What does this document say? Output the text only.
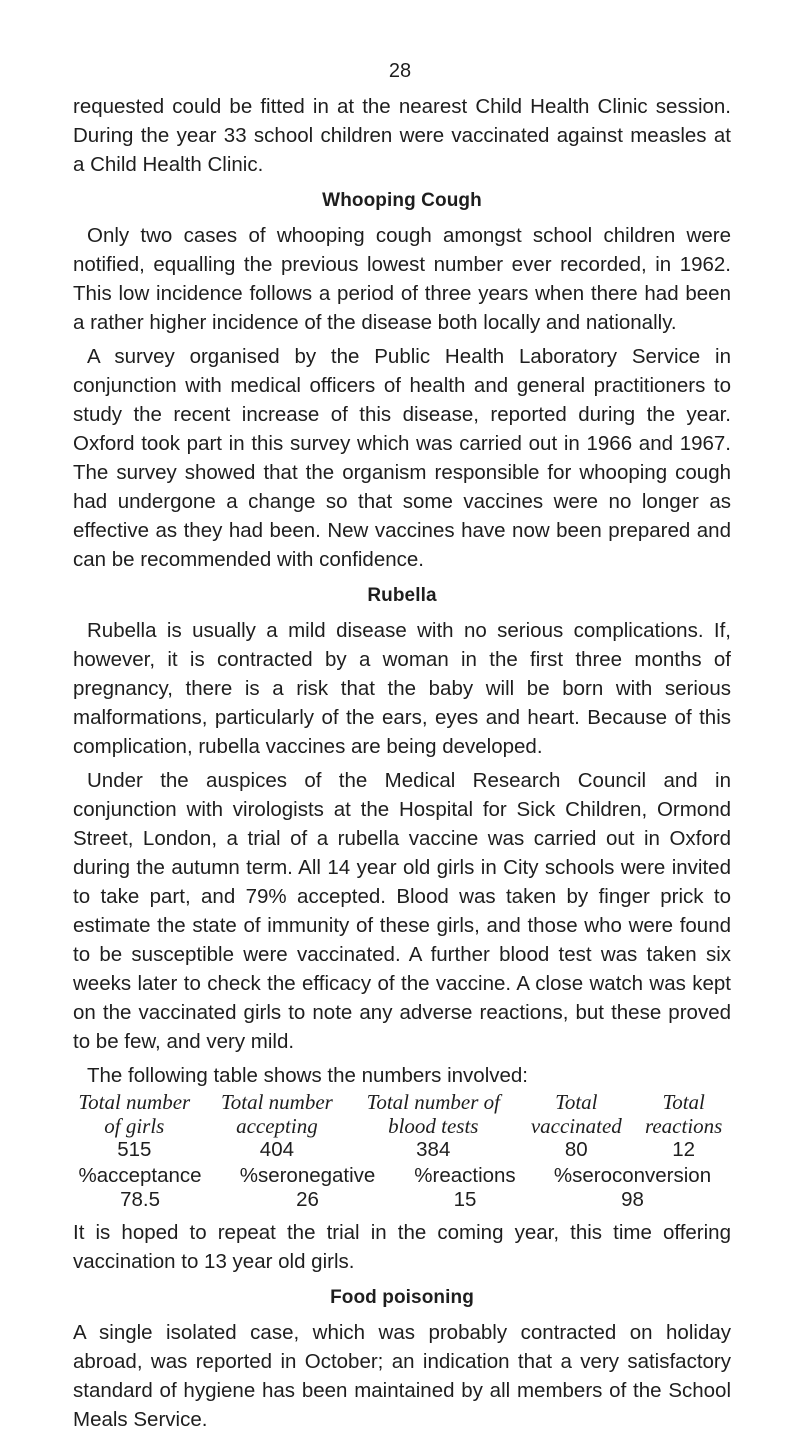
28

requested could be fitted in at the nearest Child Health Clinic session. During the year 33 school children were vaccinated against measles at a Child Health Clinic.

Whooping Cough

Only two cases of whooping cough amongst school children were notified, equalling the previous lowest number ever recorded, in 1962. This low incidence follows a period of three years when there had been a rather higher incidence of the disease both locally and nationally.

A survey organised by the Public Health Laboratory Service in conjunction with medical officers of health and general practitioners to study the recent increase of this disease, reported during the year. Oxford took part in this survey which was carried out in 1966 and 1967. The survey showed that the organism responsible for whooping cough had undergone a change so that some vaccines were no longer as effective as they had been. New vaccines have now been prepared and can be recommended with confidence.

Rubella

Rubella is usually a mild disease with no serious complications. If, however, it is contracted by a woman in the first three months of pregnancy, there is a risk that the baby will be born with serious malformations, particularly of the ears, eyes and heart. Because of this complication, rubella vaccines are being developed.

Under the auspices of the Medical Research Council and in conjunction with virologists at the Hospital for Sick Children, Ormond Street, London, a trial of a rubella vaccine was carried out in Oxford during the autumn term. All 14 year old girls in City schools were invited to take part, and 79% accepted. Blood was taken by finger prick to estimate the state of immunity of these girls, and those who were found to be susceptible were vaccinated. A further blood test was taken six weeks later to check the efficacy of the vaccine. A close watch was kept on the vaccinated girls to note any adverse reactions, but these proved to be few, and very mild.

The following table shows the numbers involved:

Total number	Total number	Total number of	Total	Total
of girls	accepting	blood tests	vaccinated	reactions
515	404	384	80	12
%acceptance	%seronegative	%reactions	%seroconversion
78.5	26	15	98

It is hoped to repeat the trial in the coming year, this time offering vaccination to 13 year old girls.

Food poisoning

A single isolated case, which was probably contracted on holiday abroad, was reported in October; an indication that a very satisfactory standard of hygiene has been maintained by all members of the School Meals Service.
